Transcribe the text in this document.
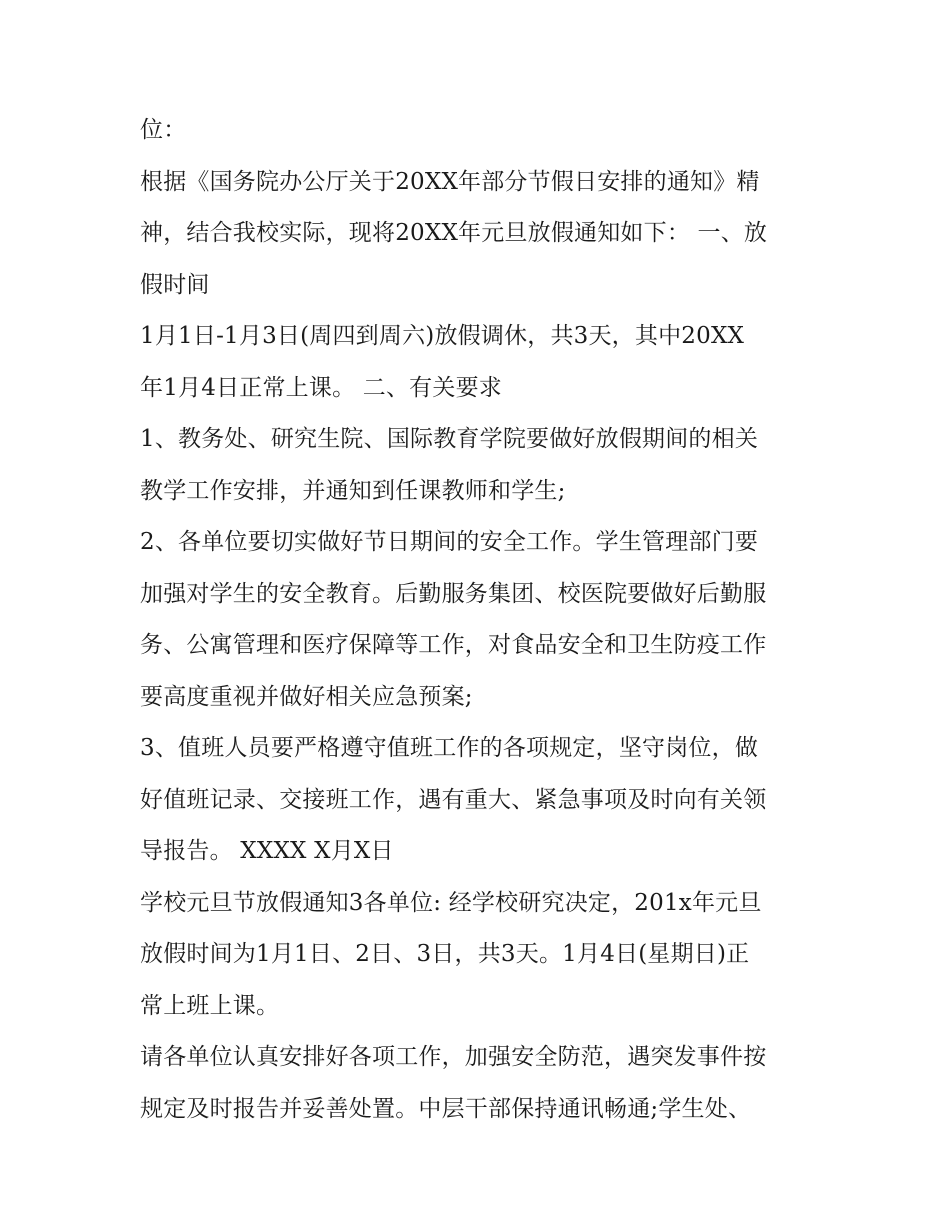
位：
根据《国务院办公厅关于20XX年部分节假日安排的通知》精
神，结合我校实际，现将20XX年元旦放假通知如下： 一、放
假时间
1月1日-1月3日(周四到周六)放假调休，共3天，其中20XX
年1月4日正常上课。 二、有关要求
1、教务处、研究生院、国际教育学院要做好放假期间的相关
教学工作安排，并通知到任课教师和学生;
2、各单位要切实做好节日期间的安全工作。学生管理部门要
加强对学生的安全教育。后勤服务集团、校医院要做好后勤服
务、公寓管理和医疗保障等工作，对食品安全和卫生防疫工作
要高度重视并做好相关应急预案;
3、值班人员要严格遵守值班工作的各项规定，坚守岗位，做
好值班记录、交接班工作，遇有重大、紧急事项及时向有关领
导报告。 XXXX X月X日
学校元旦节放假通知3各单位: 经学校研究决定，201x年元旦
放假时间为1月1日、2日、3日，共3天。1月4日(星期日)正
常上班上课。
请各单位认真安排好各项工作，加强安全防范，遇突发事件按
规定及时报告并妥善处置。中层干部保持通讯畅通;学生处、
